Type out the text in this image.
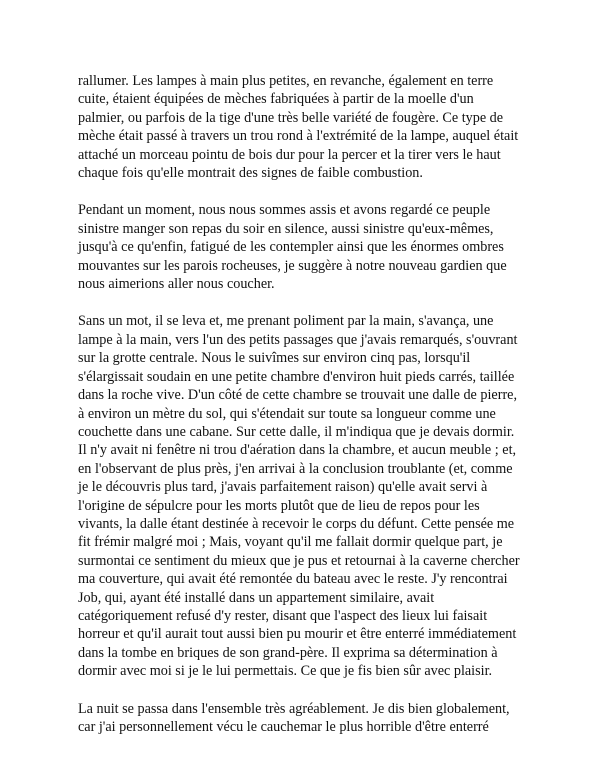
rallumer. Les lampes à main plus petites, en revanche, également en terre cuite, étaient équipées de mèches fabriquées à partir de la moelle d'un palmier, ou parfois de la tige d'une très belle variété de fougère. Ce type de mèche était passé à travers un trou rond à l'extrémité de la lampe, auquel était attaché un morceau pointu de bois dur pour la percer et la tirer vers le haut chaque fois qu'elle montrait des signes de faible combustion.

Pendant un moment, nous nous sommes assis et avons regardé ce peuple sinistre manger son repas du soir en silence, aussi sinistre qu'eux-mêmes, jusqu'à ce qu'enfin, fatigué de les contempler ainsi que les énormes ombres mouvantes sur les parois rocheuses, je suggère à notre nouveau gardien que nous aimerions aller nous coucher.

Sans un mot, il se leva et, me prenant poliment par la main, s'avança, une lampe à la main, vers l'un des petits passages que j'avais remarqués, s'ouvrant sur la grotte centrale. Nous le suivîmes sur environ cinq pas, lorsqu'il s'élargissait soudain en une petite chambre d'environ huit pieds carrés, taillée dans la roche vive. D'un côté de cette chambre se trouvait une dalle de pierre, à environ un mètre du sol, qui s'étendait sur toute sa longueur comme une couchette dans une cabane. Sur cette dalle, il m'indiqua que je devais dormir. Il n'y avait ni fenêtre ni trou d'aération dans la chambre, et aucun meuble ; et, en l'observant de plus près, j'en arrivai à la conclusion troublante (et, comme je le découvris plus tard, j'avais parfaitement raison) qu'elle avait servi à l'origine de sépulcre pour les morts plutôt que de lieu de repos pour les vivants, la dalle étant destinée à recevoir le corps du défunt. Cette pensée me fit frémir malgré moi ; Mais, voyant qu'il me fallait dormir quelque part, je surmontai ce sentiment du mieux que je pus et retournai à la caverne chercher ma couverture, qui avait été remontée du bateau avec le reste. J'y rencontrai Job, qui, ayant été installé dans un appartement similaire, avait catégoriquement refusé d'y rester, disant que l'aspect des lieux lui faisait horreur et qu'il aurait tout aussi bien pu mourir et être enterré immédiatement dans la tombe en briques de son grand-père. Il exprima sa détermination à dormir avec moi si je le lui permettais. Ce que je fis bien sûr avec plaisir.

La nuit se passa dans l'ensemble très agréablement. Je dis bien globalement, car j'ai personnellement vécu le cauchemar le plus horrible d'être enterré
